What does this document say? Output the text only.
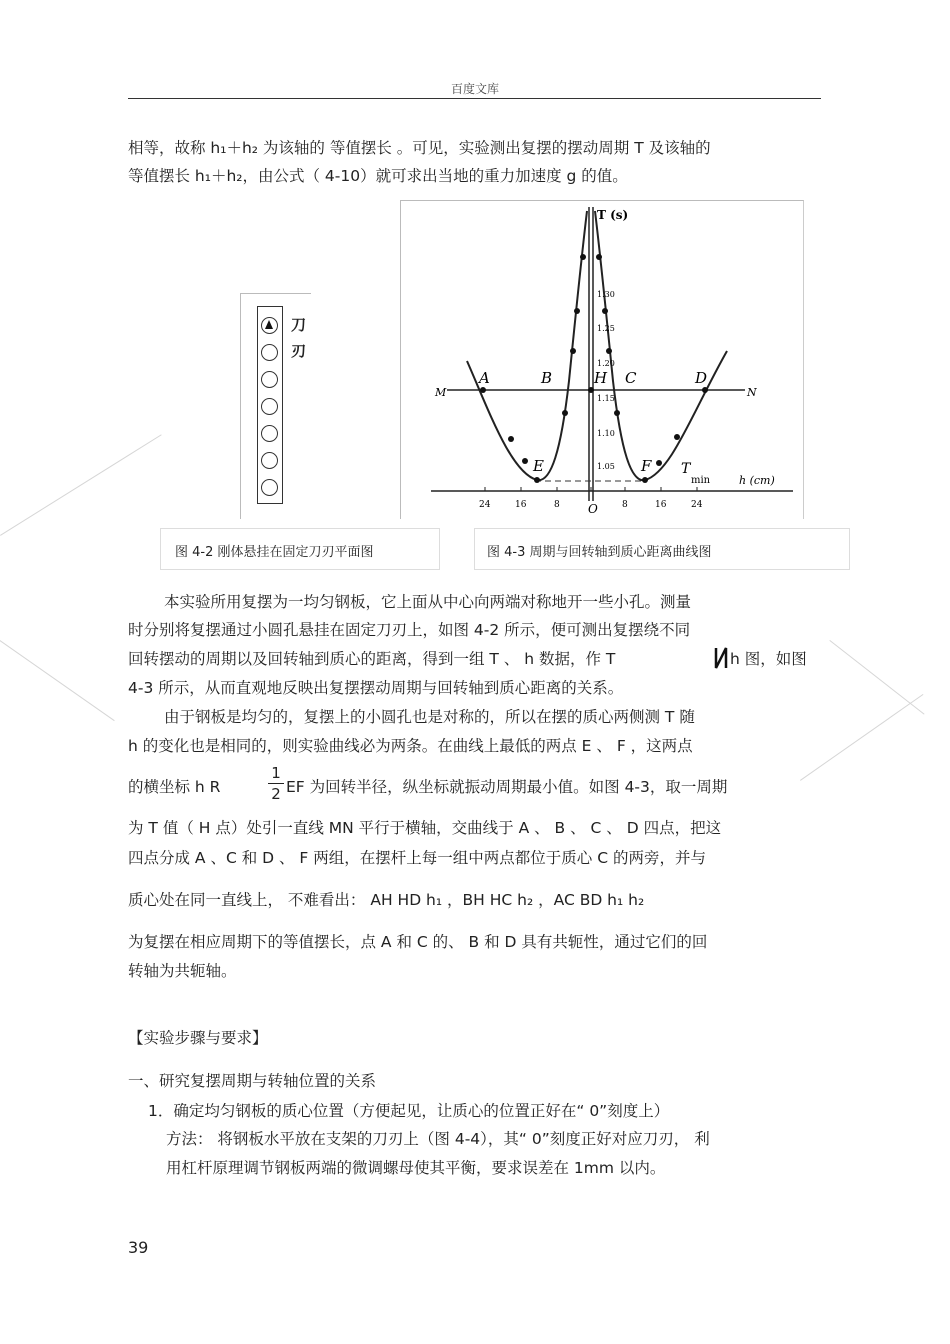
百度文库
相等，故称 h₁＋h₂ 为该轴的 等值摆长 。可见，实验测出复摆的摆动周期 T 及该轴的
等值摆长 h₁＋h₂，由公式（ 4-10）就可求出当地的重力加速度 g 的值。
刀
刃
24	16	8 O	8	16	24
1.30
1.25
1.20
1.15
1.10
1.05
T (s)
h (cm)
M	N
A	B	H C	D
E	F T
min
图 4-2 刚体悬挂在固定刀刃平面图	图 4-3 周期与回转轴到质心距离曲线图
本实验所用复摆为一均匀钢板，它上面从中心向两端对称地开一些小孔。测量
时分别将复摆通过小圆孔悬挂在固定刀刃上，如图 4-2 所示，便可测出复摆绕不同
回转摆动的周期以及回转轴到质心的距离，得到一组 T 、 h 数据，作 T	h 图，如图
4-3 所示，从而直观地反映出复摆摆动周期与回转轴到质心距离的关系。
由于钢板是均匀的，复摆上的小圆孔也是对称的，所以在摆的质心两侧测 T 随
h 的变化也是相同的，则实验曲线必为两条。在曲线上最低的两点 E 、 F ，这两点
的横坐标 h R
1
2 EF 为回转半径，纵坐标就振动周期最小值。如图 4-3，取一周期
为 T 值（ H 点）处引一直线 MN 平行于横轴，交曲线于 A 、 B 、 C 、 D 四点，把这
四点分成 A 、C 和 D 、 F 两组，在摆杆上每一组中两点都位于质心 C 的两旁，并与
质心处在同一直线上， 不难看出： AH HD h₁ ，BH HC h₂ ，AC BD h₁ h₂
为复摆在相应周期下的等值摆长，点 A 和 C 的、 B 和 D 具有共轭性，通过它们的回
转轴为共轭轴。
【实验步骤与要求】
一、研究复摆周期与转轴位置的关系
1．确定均匀钢板的质心位置（方便起见，让质心的位置正好在“ 0”刻度上）
方法： 将钢板水平放在支架的刀刃上（图 4-4），其“ 0”刻度正好对应刀刃， 利
用杠杆原理调节钢板两端的微调螺母使其平衡，要求误差在 1mm 以内。
39
